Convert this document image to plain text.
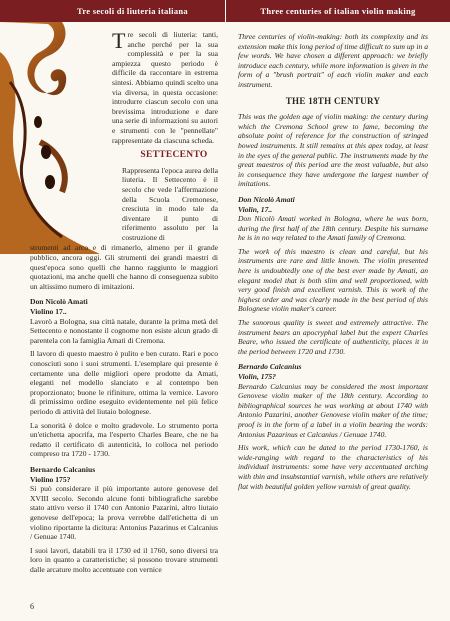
Tre secoli di liuteria italiana	Three centuries of italian violin making

Tre secoli di liuteria: tanti, anche perché per la sua complessità e per la sua ampiezza questo periodo è difficile da raccontare in estrema sintesi. Abbiamo quindi scelto una via diversa, in questa occasione: introdurre ciascun secolo con una brevissima introduzione e dare una serie di informazioni su autori e strumenti con le "pennellate" rappresentate da ciascuna scheda.

SETTECENTO

Rappresenta l'epoca aurea della liuteria. Il Settecento è il secolo che vede l'affermazione della Scuola Cremonese, cresciuta in modo tale da diventare il punto di riferimento assoluto per la costruzione di

strumenti ad arco e di rimanerlo, almeno per il grande pubblico, ancora oggi. Gli strumenti dei grandi maestri di quest'epoca sono quelli che hanno raggiunto le maggiori quotazioni, ma anche quelli che hanno di conseguenza subito un altissimo numero di imitazioni.

Don Nicolò Amati
Violino 17..

Lavorò a Bologna, sua città natale, durante la prima metà del Settecento e nonostante il cognome non esiste alcun grado di parentela con la famiglia Amati di Cremona.

Il lavoro di questo maestro è pulito e ben curato. Rari e poco conosciuti sono i suoi strumenti. L'esemplare qui presente è certamente una delle migliori opere prodotte da Amati, eleganti nel modello slanciato e al contempo ben proporzionato; buone le rifiniture, ottima la vernice. Lavoro di primissimo ordine eseguito evidentemente nel più felice periodo di attività del liutaio bolognese.

La sonorità è dolce e molto gradevole. Lo strumento porta un'etichetta apocrifa, ma l'esperto Charles Beare, che ne ha redatto il certificato di autenticità, lo colloca nel periodo compreso tra 1720 - 1730.

Bernardo Calcanius
Violino 175?

Si può considerare il più importante autore genovese del XVIII secolo. Secondo alcune fonti bibliografiche sarebbe stato attivo verso il 1740 con Antonio Pazarini, altro liutaio genovese dell'epoca; la prova verrebbe dall'etichetta di un violino riportante la dicitura: Antonius Pazarinus et Calcanius / Genuae 1740.

I suoi lavori, databili tra il 1730 ed il 1760, sono diversi tra loro in quanto a caratteristiche; si possono trovare strumenti dalle arcature molto accentuate con vernice

Three centuries of violin-making: both its complexity and its extension make this long period of time difficult to sum up in a few words. We have chosen a different approach: we briefly introduce each century, while more information is given in the form of a "brush portrait" of each violin maker and each instrument.

THE 18TH CENTURY

This was the golden age of violin making: the century during which the Cremona School grew to fame, becoming the absolute point of reference for the construction of stringed bowed instruments. It still remains at this apex today, at least in the eyes of the general public. The instruments made by the great maestros of this period are the most valuable, but also in consequence they have undergone the largest number of imitations.

Don Nicolò Amati
Violin, 17..

Don Nicolò Amati worked in Bologna, where he was born, during the first half of the 18th century. Despite his surname he is in no way related to the Amati family of Cremona.

The work of this maestro is clean and careful, but his instruments are rare and little known. The violin presented here is undoubtedly one of the best ever made by Amati, an elegant model that is both slim and well proportioned, with very good finish and excellent varnish. This is work of the highest order and was clearly made in the best period of this Bolognese violin maker's career.

The sonorous quality is sweet and extremely attractive. The instrument bears an apocryphal label but the expert Charles Beare, who issued the certificate of authenticity, places it in the period between 1720 and 1730.

Bernardo Calcanius
Violin, 175?

Bernardo Calcanius may be considered the most important Genovese violin maker of the 18th century. According to bibliographical sources he was working at about 1740 with Antonio Pazarini, another Genovese violin maker of the time; proof is in the form of a label in a violin bearing the words: Antonius Pazarinus et Calcanius / Genuae 1740.

His work, which can be dated to the period 1730-1760, is wide-ranging with regard to the characteristics of his individual instruments: some have very accentuated arching with thin and insubstantial varnish, while others are relatively flat with beautiful golden yellow varnish of great quality.

6
